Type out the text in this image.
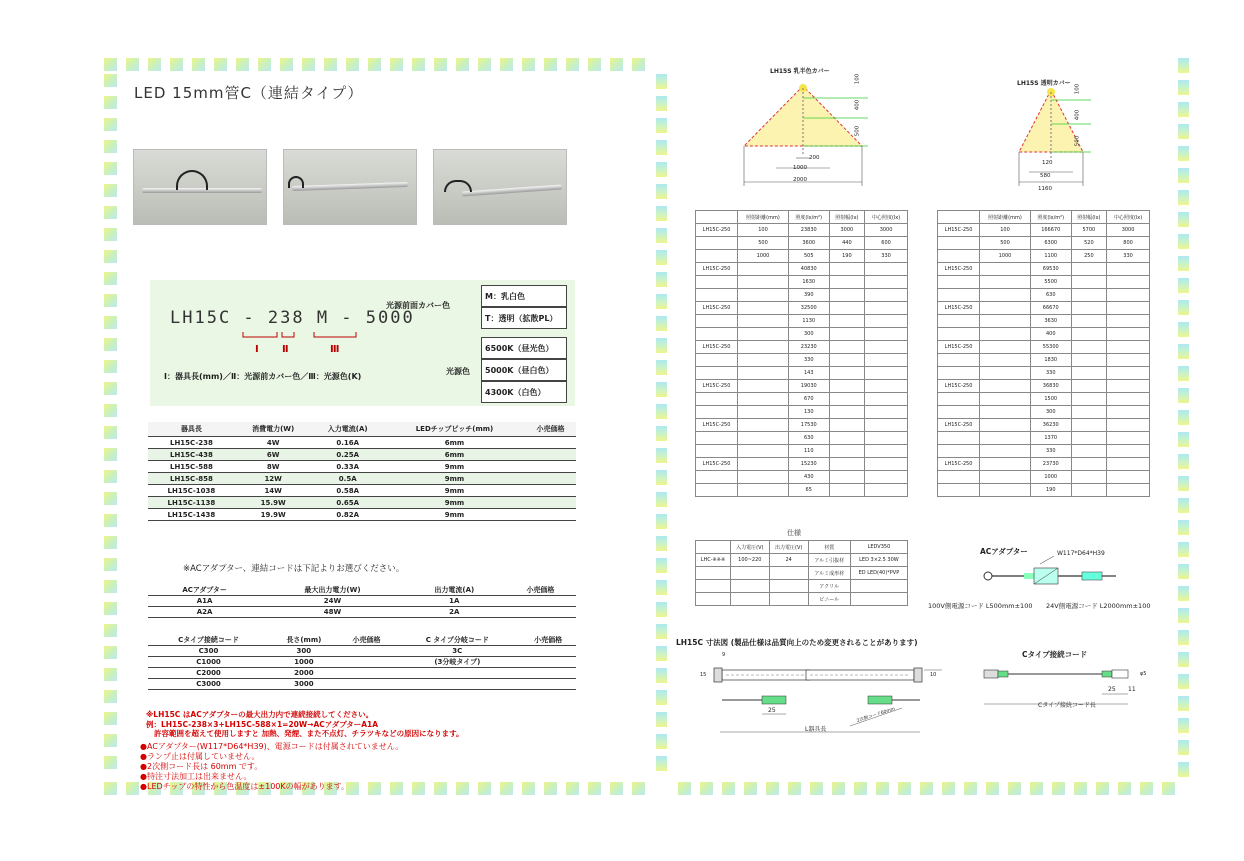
LED 15mm管C（連結タイプ）
LH15C - 238 M - 5000
Ⅰ Ⅱ	Ⅲ
Ⅰ：器具長(mm)／Ⅱ：光源前カバー色／Ⅲ：光源色(K)
光源前面カバー色
M：乳白色
T：透明（拡散PL）
光源色
6500K（昼光色）
5000K（昼白色）
4300K（白色）
器具長	消費電力(W)	入力電流(A)	LEDチップピッチ(mm)	小売価格
LH15C-238	4W	0.16A	6mm	
LH15C-438	6W	0.25A	6mm	
LH15C-588	8W	0.33A	9mm	
LH15C-858	12W	0.5A	9mm	
LH15C-1038	14W	0.58A	9mm	
LH15C-1138	15.9W	0.65A	9mm	
LH15C-1438	19.9W	0.82A	9mm	
※ACアダプター、連結コードは下記よりお選びください。
ACアダプター	最大出力電力(W)	出力電流(A)	小売価格
A1A	24W	1A	
A2A	48W	2A	
Cタイプ接続コード	長さ(mm)	小売価格	C タイプ分岐コード	小売価格
C300	300		3C	
C1000	1000		(3分岐タイプ)	
C2000	2000			
C3000	3000			
※LH15C はACアダプターの最大出力内で連続接続してください。
例：LH15C-238×3+LH15C-588×1=20W→ACアダプターA1A
許容範囲を超えて使用しますと 加熱、発煙、また不点灯、チラツキなどの原因になります。
● ACアダプター(W117*D64*H39)、電源コードは付属されていません。
● ランプ止は付属していません。
● 2次側コード長は 60mm です。
● 特注寸法加工は出来ません。
● LEDチップの特性から色温度は±100Kの幅があります。
LH15S 乳半色カバー
100
400
500
200
1000
2000
LH15S 透明カバー
100
400
500
120
580
1160
	照射距離(mm)	照度(lx/m²)	照射幅(lx)	中心照度(lx)
LH15C-250	100	23830	3000	3000
	500	3600	440	600
	1000	505	190	330
LH15C-250		40830		
		1630		
		390		
LH15C-250		32500		
		1130		
		300		
LH15C-250		23230		
		330		
		143		
LH15C-250		19030		
		670		
		130		
LH15C-250		17530		
		630		
		110		
LH15C-250		15230		
		430		
		65		
	照射距離(mm)	照度(lx/m²)	照射幅(lx)	中心照度(lx)
LH15C-250	100	166670	5700	3000
	500	6300	520	800
	1000	1100	250	330
LH15C-250		69530		
		5500		
		630		
LH15C-250		66670		
		3630		
		400		
LH15C-250		55300		
		1830		
		330		
LH15C-250		36830		
		1500		
		300		
LH15C-250		36230		
		1370		
		330		
LH15C-250		23730		
		1000		
		190		
仕様
	入力電圧(V)	出力電圧(V)	材質	LEDV350
LHC-※※※	100~220	24	アルミ引抜材	LED 3×2.5 30W
			アルミ成形材	ED LED(40)*PVP
			アクリル	
			ビニール	
ACアダプター	W117*D64*H39
100V側電源コード L500mm±100 24V側電源コード L2000mm±100
LH15C 寸法図 (製品仕様は品質向上のため変更されることがあります)
9
15	10
25
L器具長
2次側コード60mm
Cタイプ接続コード
25 11
φ5
Cタイプ接続コード長
